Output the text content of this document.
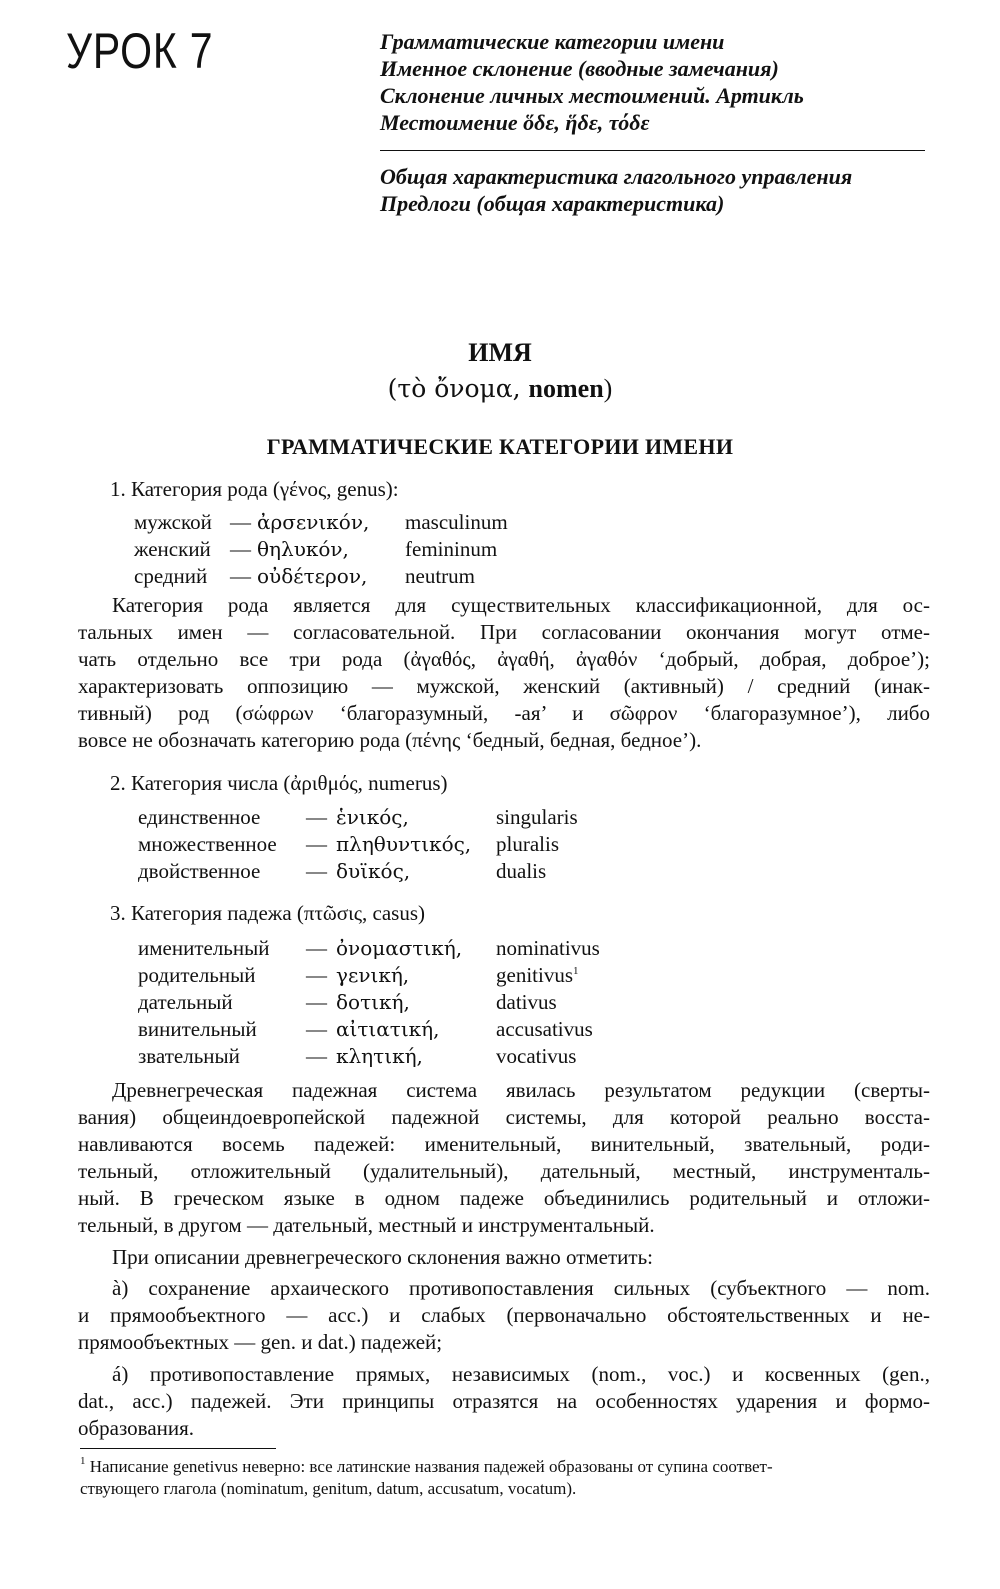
УРОК 7	Грамматические категории имени
Именное склонение (вводные замечания)
Склонение личных местоимений. Артикль
Местоимение ὅδε, ἥδε, τόδε
Общая характеристика глагольного управления
Предлоги (общая характеристика)
ИМЯ
(τὸ ὄνομα, nomen)
ГРАММАТИЧЕСКИЕ КАТЕГОРИИ ИМЕНИ
1. Категория рода (γένος, genus):
мужской	—	ἀρσενικόν,	masculinum
женский	—	θηλυκόν,	femininum
средний	—	οὐδέτερον,	neutrum
Категория рода является для существительных классификационной, для ос-
тальных имен — согласовательной. При согласовании окончания могут отме-
чать отдельно все три рода (ἀγαθός, ἀγαθή, ἀγαθόν ‘добрый, добрая, доброе’);
характеризовать оппозицию — мужской, женский (активный) / средний (инак-
тивный) род (σώφρων ‘благоразумный, -ая’ и σῶφρον ‘благоразумное’), либо
вовсе не обозначать категорию рода (πένης ‘бедный, бедная, бедное’).
2. Категория числа (ἀριθμός, numerus)
единственное	—	ἑνικός,	singularis
множественное	—	πληθυντικός,	pluralis
двойственное	—	δυϊκός,	dualis
3. Категория падежа (πτῶσις, casus)
именительный	—	ὀνομαστική,	nominativus
родительный	—	γενική,	genitivus$^1$
дательный	—	δοτική,	dativus
винительный	—	αἰτιατική,	accusativus
звательный	—	κλητική,	vocativus
Древнегреческая падежная система явилась результатом редукции (сверты-
вания) общеиндоевропейской падежной системы, для которой реально восста-
навливаются восемь падежей: именительный, винительный, звательный, роди-
тельный, отложительный (удалительный), дательный, местный, инструменталь-
ный. В греческом языке в одном падеже объединились родительный и отложи-
тельный, в другом — дательный, местный и инструментальный.
При описании древнегреческого склонения важно отметить:
à) сохранение архаического противопоставления сильных (субъектного — nom.
и прямообъектного — acc.) и слабых (первоначально обстоятельственных и не-
прямообъектных — gen. и dat.) падежей;
á) противопоставление прямых, независимых (nom., voc.) и косвенных (gen.,
dat., acc.) падежей. Эти принципы отразятся на особенностях ударения и формо-
образования.
$^1$ Написание genetivus неверно: все латинские названия падежей образованы от супина соответ-
ствующего глагола (nominatum, genitum, datum, accusatum, vocatum).
